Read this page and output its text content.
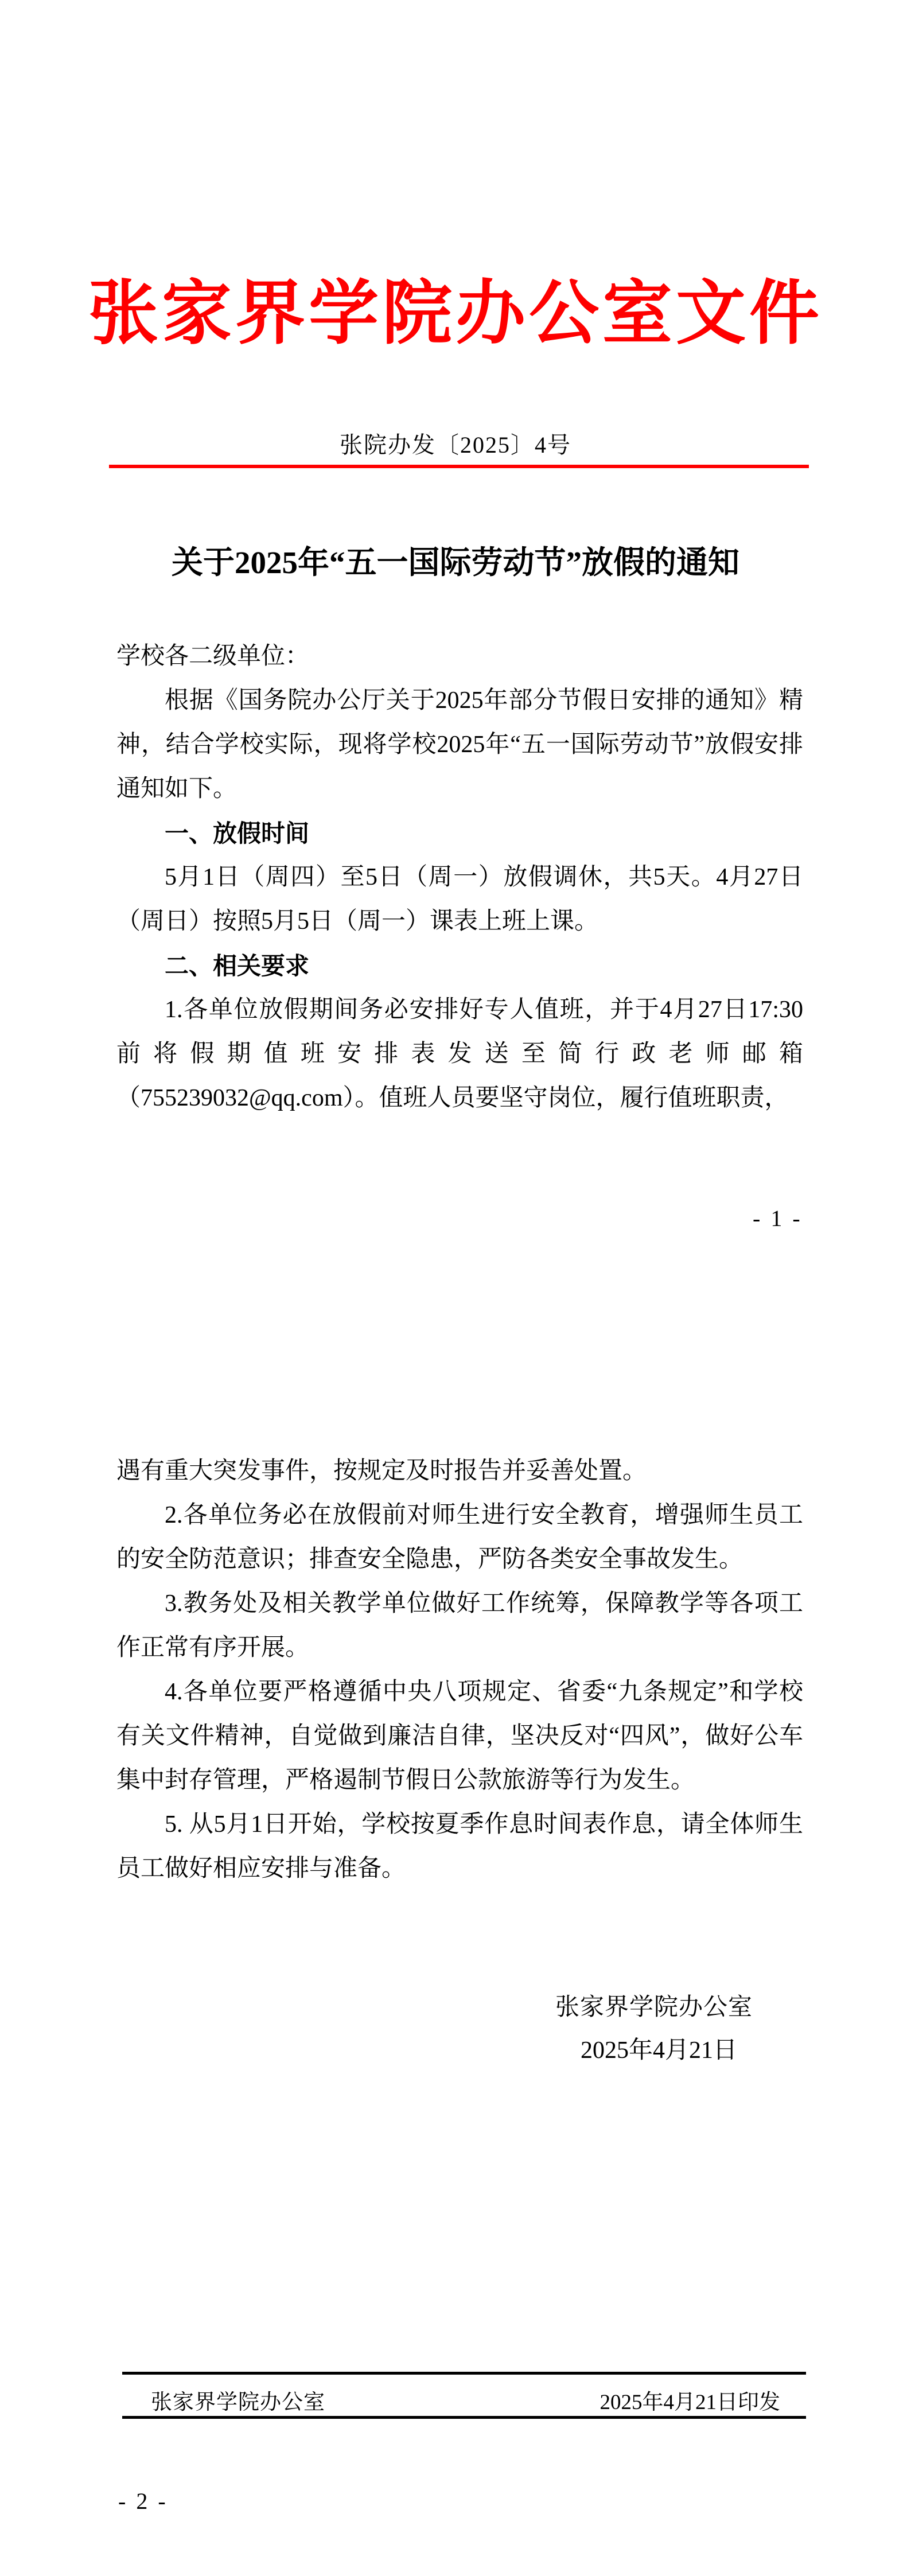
张家界学院办公室文件
张院办发〔2025〕4号
关于2025年“五一国际劳动节”放假的通知
学校各二级单位：
根据《国务院办公厅关于2025年部分节假日安排的通知》精神，结合学校实际，现将学校2025年“五一国际劳动节”放假安排通知如下。
一、放假时间
5月1日（周四）至5日（周一）放假调休，共5天。4月27日（周日）按照5月5日（周一）课表上班上课。
二、相关要求
1.各单位放假期间务必安排好专人值班，并于4月27日17:30前将假期值班安排表发送至简行政老师邮箱（755239032@qq.com）。值班人员要坚守岗位，履行值班职责，
- 1 -
遇有重大突发事件，按规定及时报告并妥善处置。
2.各单位务必在放假前对师生进行安全教育，增强师生员工的安全防范意识；排查安全隐患，严防各类安全事故发生。
3.教务处及相关教学单位做好工作统筹，保障教学等各项工作正常有序开展。
4.各单位要严格遵循中央八项规定、省委“九条规定”和学校有关文件精神，自觉做到廉洁自律，坚决反对“四风”，做好公车集中封存管理，严格遏制节假日公款旅游等行为发生。
5. 从5月1日开始，学校按夏季作息时间表作息，请全体师生员工做好相应安排与准备。
张家界学院办公室
2025年4月21日
张家界学院办公室	2025年4月21日印发
- 2 -
